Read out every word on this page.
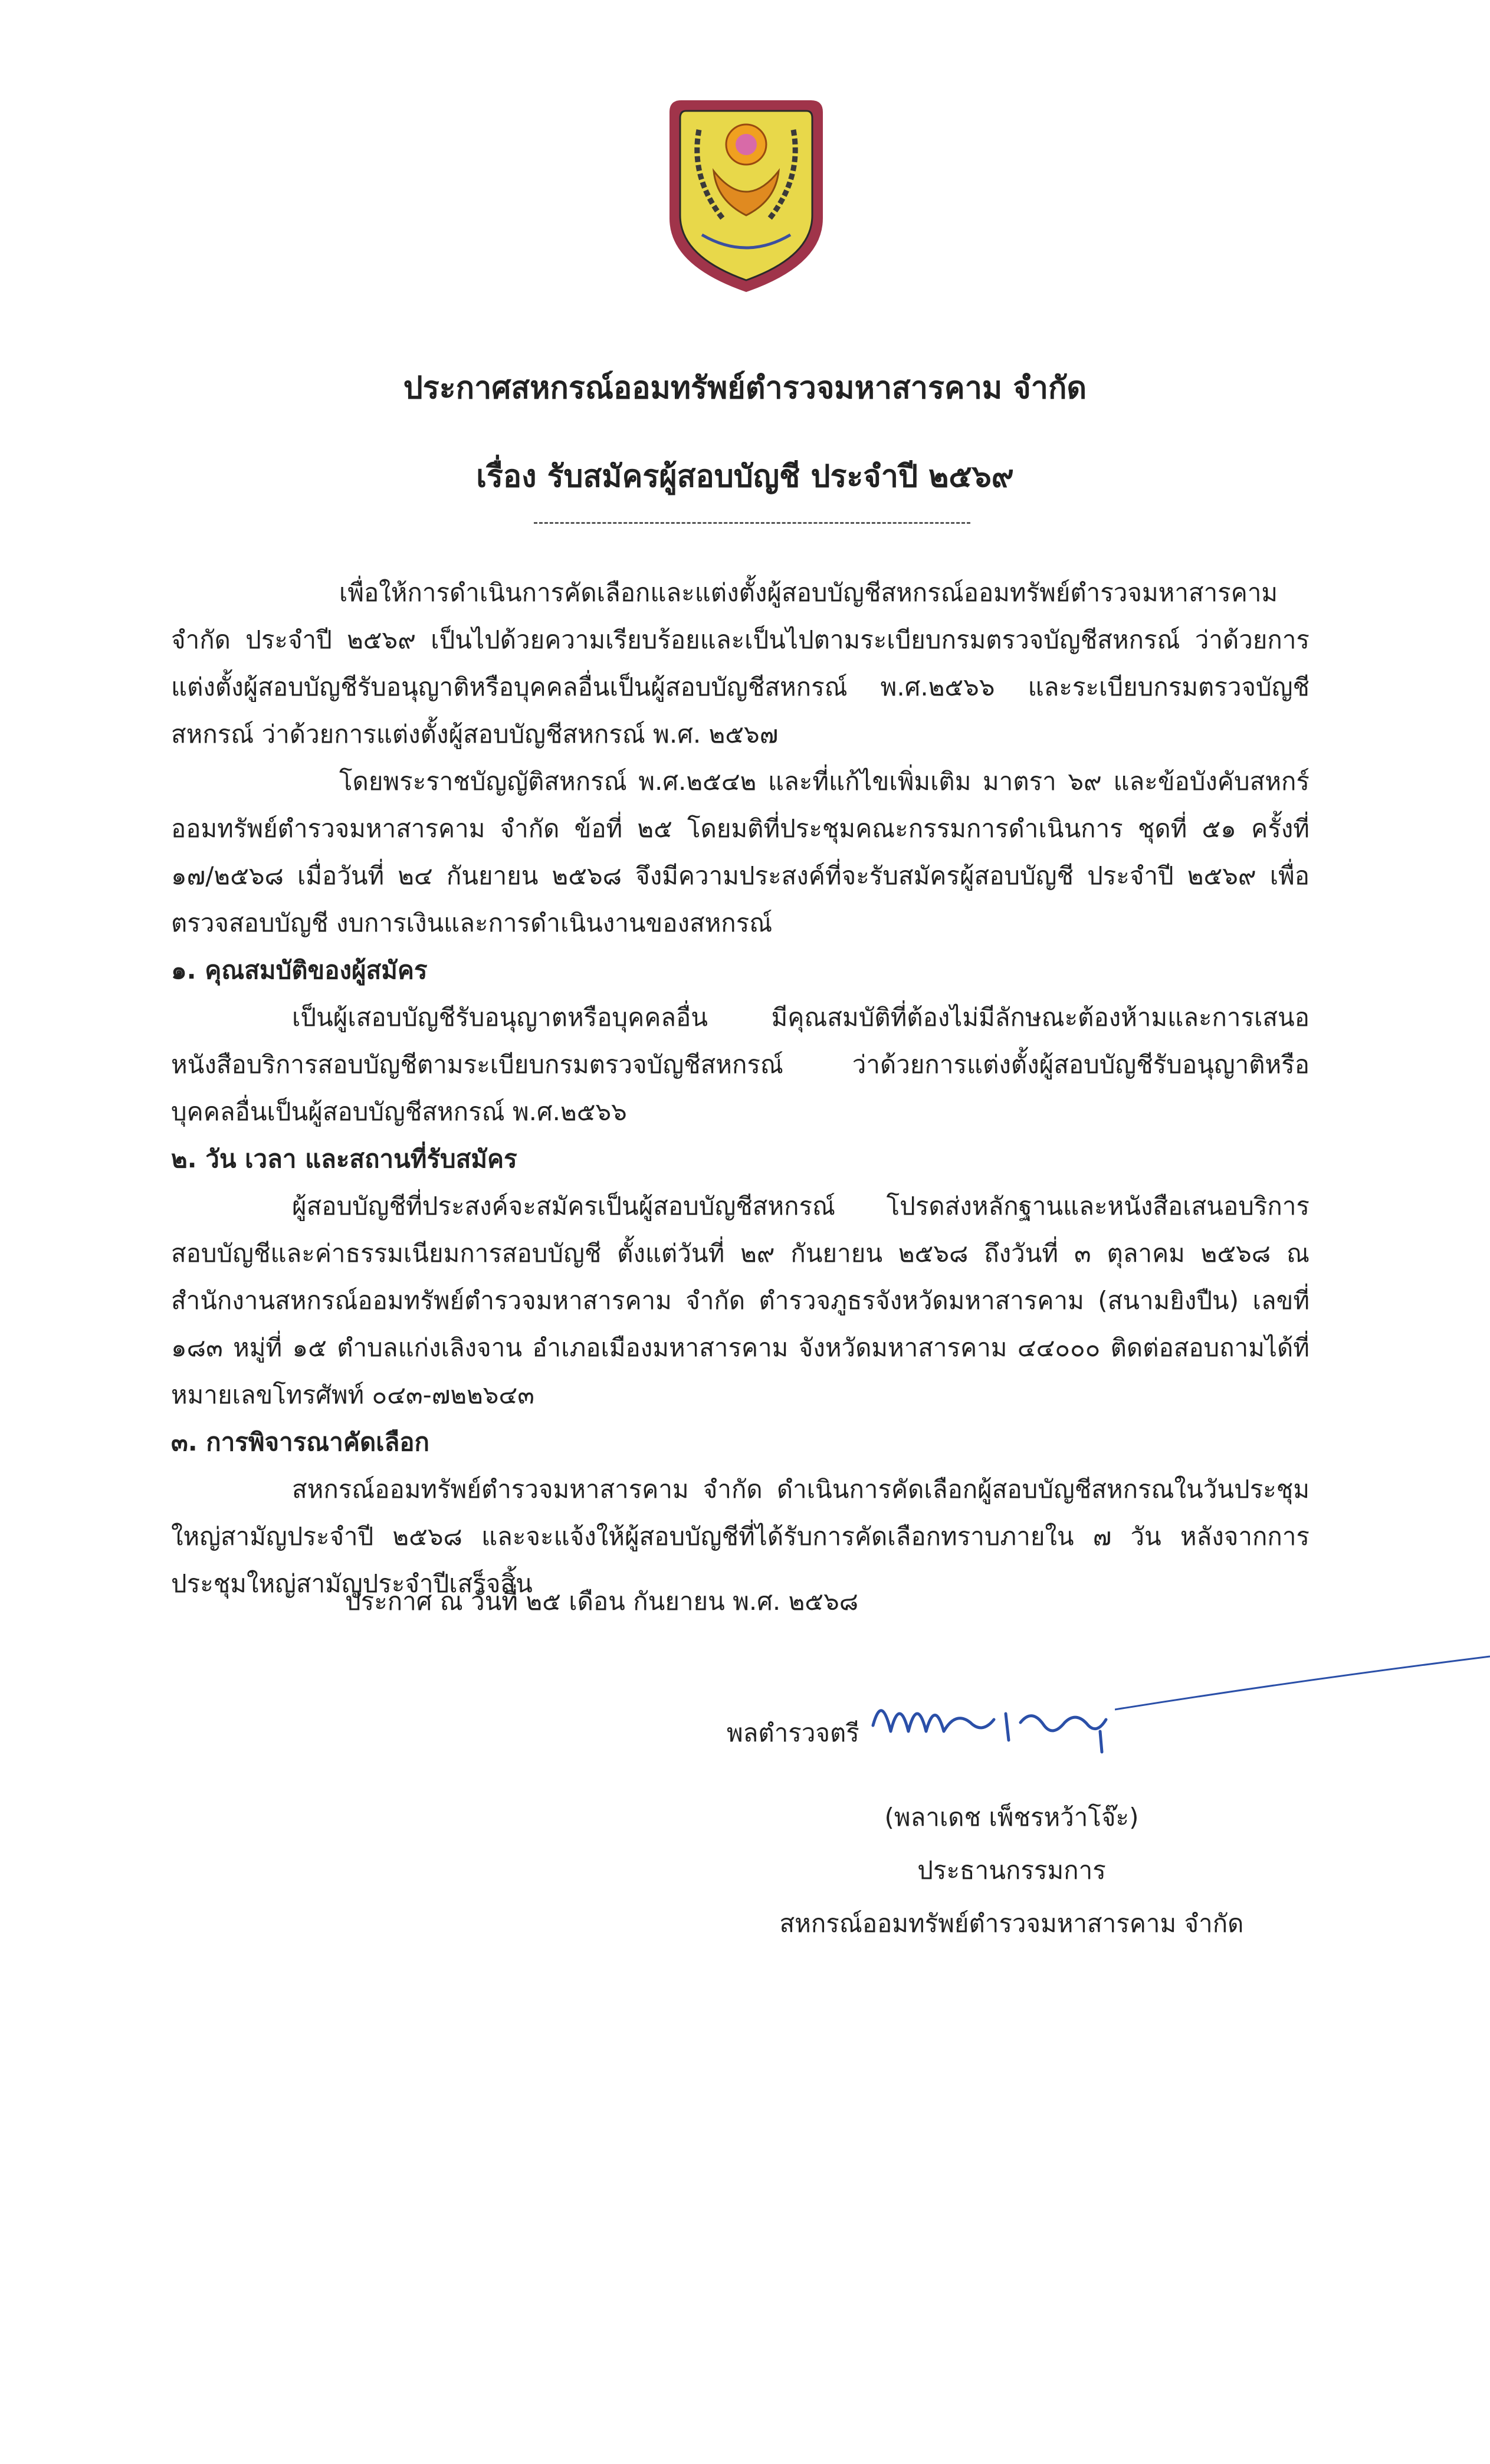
ประกาศสหกรณ์ออมทรัพย์ตำรวจมหาสารคาม จำกัด
เรื่อง รับสมัครผู้สอบบัญชี ประจำปี ๒๕๖๙

เพื่อให้การดำเนินการคัดเลือกและแต่งตั้งผู้สอบบัญชีสหกรณ์ออมทรัพย์ตำรวจมหาสารคาม จำกัด ประจำปี ๒๕๖๙ เป็นไปด้วยความเรียบร้อยและเป็นไปตามระเบียบกรมตรวจบัญชีสหกรณ์ ว่าด้วยการแต่งตั้งผู้สอบบัญชีรับอนุญาติหรือบุคคลอื่นเป็นผู้สอบบัญชีสหกรณ์ พ.ศ.๒๕๖๖ และระเบียบกรมตรวจบัญชีสหกรณ์ ว่าด้วยการแต่งตั้งผู้สอบบัญชีสหกรณ์ พ.ศ. ๒๕๖๗

โดยพระราชบัญญัติสหกรณ์ พ.ศ.๒๕๔๒ และที่แก้ไขเพิ่มเติม มาตรา ๖๙ และข้อบังคับสหกร์ออมทรัพย์ตำรวจมหาสารคาม จำกัด ข้อที่ ๒๕ โดยมติที่ประชุมคณะกรรมการดำเนินการ ชุดที่ ๕๑ ครั้งที่ ๑๗/๒๕๖๘ เมื่อวันที่ ๒๔ กันยายน ๒๕๖๘ จึงมีความประสงค์ที่จะรับสมัครผู้สอบบัญชี ประจำปี ๒๕๖๙ เพื่อตรวจสอบบัญชี งบการเงินและการดำเนินงานของสหกรณ์

๑. คุณสมบัติของผู้สมัคร

เป็นผู้เสอบบัญชีรับอนุญาตหรือบุคคลอื่น มีคุณสมบัติที่ต้องไม่มีลักษณะต้องห้ามและการเสนอหนังสือบริการสอบบัญชีตามระเบียบกรมตรวจบัญชีสหกรณ์ ว่าด้วยการแต่งตั้งผู้สอบบัญชีรับอนุญาติหรือบุคคลอื่นเป็นผู้สอบบัญชีสหกรณ์ พ.ศ.๒๕๖๖

๒. วัน เวลา และสถานที่รับสมัคร

ผู้สอบบัญชีที่ประสงค์จะสมัครเป็นผู้สอบบัญชีสหกรณ์ โปรดส่งหลักฐานและหนังสือเสนอบริการสอบบัญชีและค่าธรรมเนียมการสอบบัญชี ตั้งแต่วันที่ ๒๙ กันยายน ๒๕๖๘ ถึงวันที่ ๓ ตุลาคม ๒๕๖๘ ณ สำนักงานสหกรณ์ออมทรัพย์ตำรวจมหาสารคาม จำกัด ตำรวจภูธรจังหวัดมหาสารคาม (สนามยิงปืน) เลขที่ ๑๘๓ หมู่ที่ ๑๕ ตำบลแก่งเลิงจาน อำเภอเมืองมหาสารคาม จังหวัดมหาสารคาม ๔๔๐๐๐ ติดต่อสอบถามได้ที่ หมายเลขโทรศัพท์ ๐๔๓-๗๒๒๖๔๓

๓. การพิจารณาคัดเลือก

สหกรณ์ออมทรัพย์ตำรวจมหาสารคาม จำกัด ดำเนินการคัดเลือกผู้สอบบัญชีสหกรณในวันประชุมใหญ่สามัญประจำปี ๒๕๖๘ และจะแจ้งให้ผู้สอบบัญชีที่ได้รับการคัดเลือกทราบภายใน ๗ วัน หลังจากการประชุมใหญ่สามัญประจำปีเสร็จสิ้น

ประกาศ ณ วันที่ ๒๕ เดือน กันยายน พ.ศ. ๒๕๖๘
พลตำรวจตรี
(พลาเดช เพ็ชรหว้าโจ๊ะ)
ประธานกรรมการ
สหกรณ์ออมทรัพย์ตำรวจมหาสารคาม จำกัด
